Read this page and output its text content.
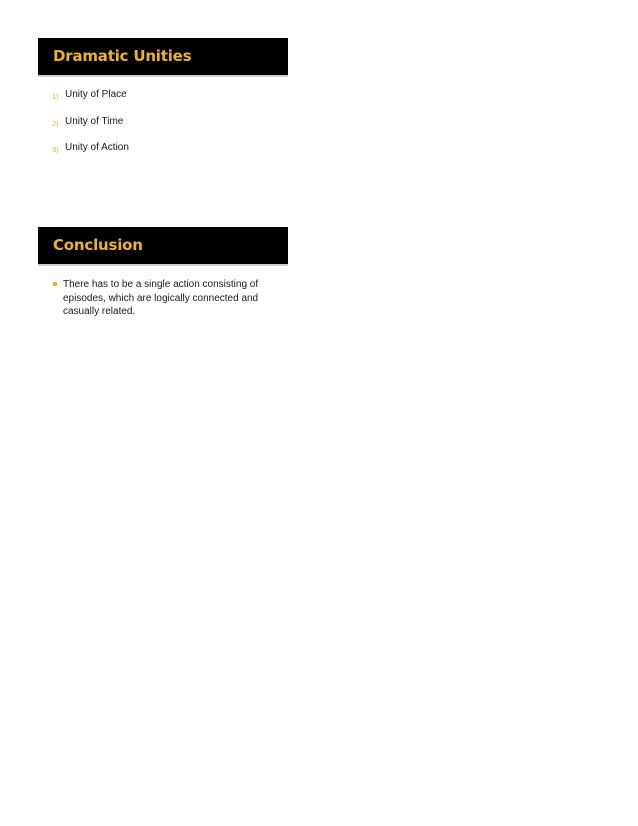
Dramatic Unities
1) Unity of Place
2) Unity of Time
3) Unity of Action
Conclusion
There has to be a single action consisting of episodes, which are logically connected and casually related.
